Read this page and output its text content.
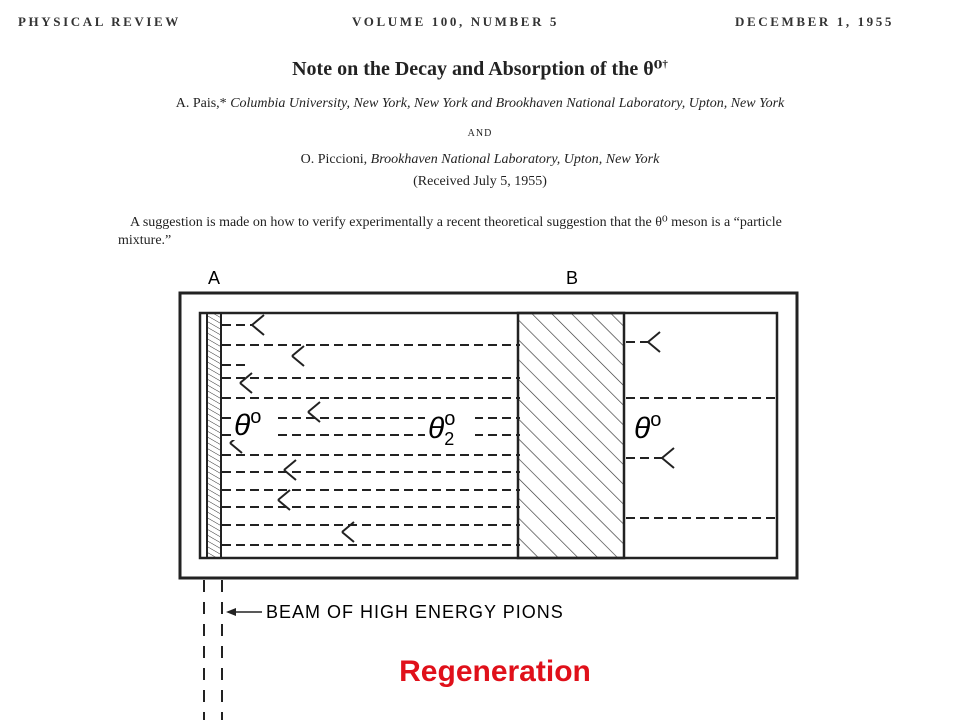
PHYSICAL REVIEW	VOLUME 100, NUMBER 5	DECEMBER 1, 1955
Note on the Decay and Absorption of the θ⁰†
A. Pais,* Columbia University, New York, New York and Brookhaven National Laboratory, Upton, New York
AND
O. Piccioni, Brookhaven National Laboratory, Upton, New York
(Received July 5, 1955)
A suggestion is made on how to verify experimentally a recent theoretical suggestion that the θ⁰ meson is a “particle mixture.”
A	B
$\theta^o$	$\theta_2o$	$\theta^o$
BEAM OF HIGH ENERGY PIONS
Regeneration
